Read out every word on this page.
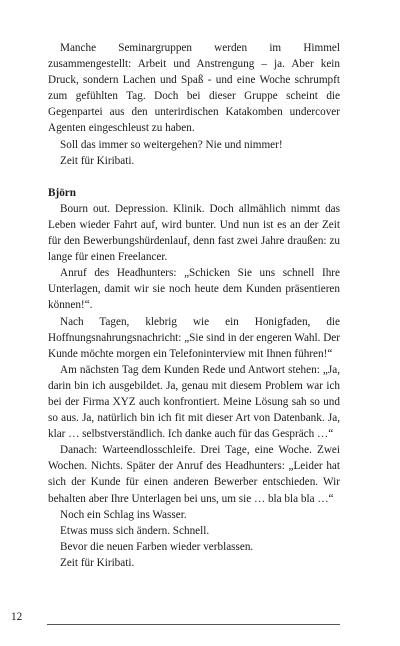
Manche Seminargruppen werden im Himmel zusammengestellt: Arbeit und Anstrengung – ja. Aber kein Druck, sondern Lachen und Spaß - und eine Woche schrumpft zum gefühlten Tag. Doch bei dieser Gruppe scheint die Gegenpartei aus den unterirdischen Katakomben undercover Agenten eingeschleust zu haben.

Soll das immer so weitergehen? Nie und nimmer!

Zeit für Kiribati.

Björn

Bourn out. Depression. Klinik. Doch allmählich nimmt das Leben wieder Fahrt auf, wird bunter. Und nun ist es an der Zeit für den Bewerbungshürdenlauf, denn fast zwei Jahre draußen: zu lange für einen Freelancer.

Anruf des Headhunters: „Schicken Sie uns schnell Ihre Unterlagen, damit wir sie noch heute dem Kunden präsentieren können!“.

Nach Tagen, klebrig wie ein Honigfaden, die Hoffnungsnahrungsnachricht: „Sie sind in der engeren Wahl. Der Kunde möchte morgen ein Telefoninterview mit Ihnen führen!“

Am nächsten Tag dem Kunden Rede und Antwort stehen: „Ja, darin bin ich ausgebildet. Ja, genau mit diesem Problem war ich bei der Firma XYZ auch konfrontiert. Meine Lösung sah so und so aus. Ja, natürlich bin ich fit mit dieser Art von Datenbank. Ja, klar … selbstverständlich. Ich danke auch für das Gespräch …“

Danach: Warteendlosschleife. Drei Tage, eine Woche. Zwei Wochen. Nichts. Später der Anruf des Headhunters: „Leider hat sich der Kunde für einen anderen Bewerber entschieden. Wir behalten aber Ihre Unterlagen bei uns, um sie … bla bla bla …“

Noch ein Schlag ins Wasser.

Etwas muss sich ändern. Schnell.

Bevor die neuen Farben wieder verblassen.

Zeit für Kiribati.

12
